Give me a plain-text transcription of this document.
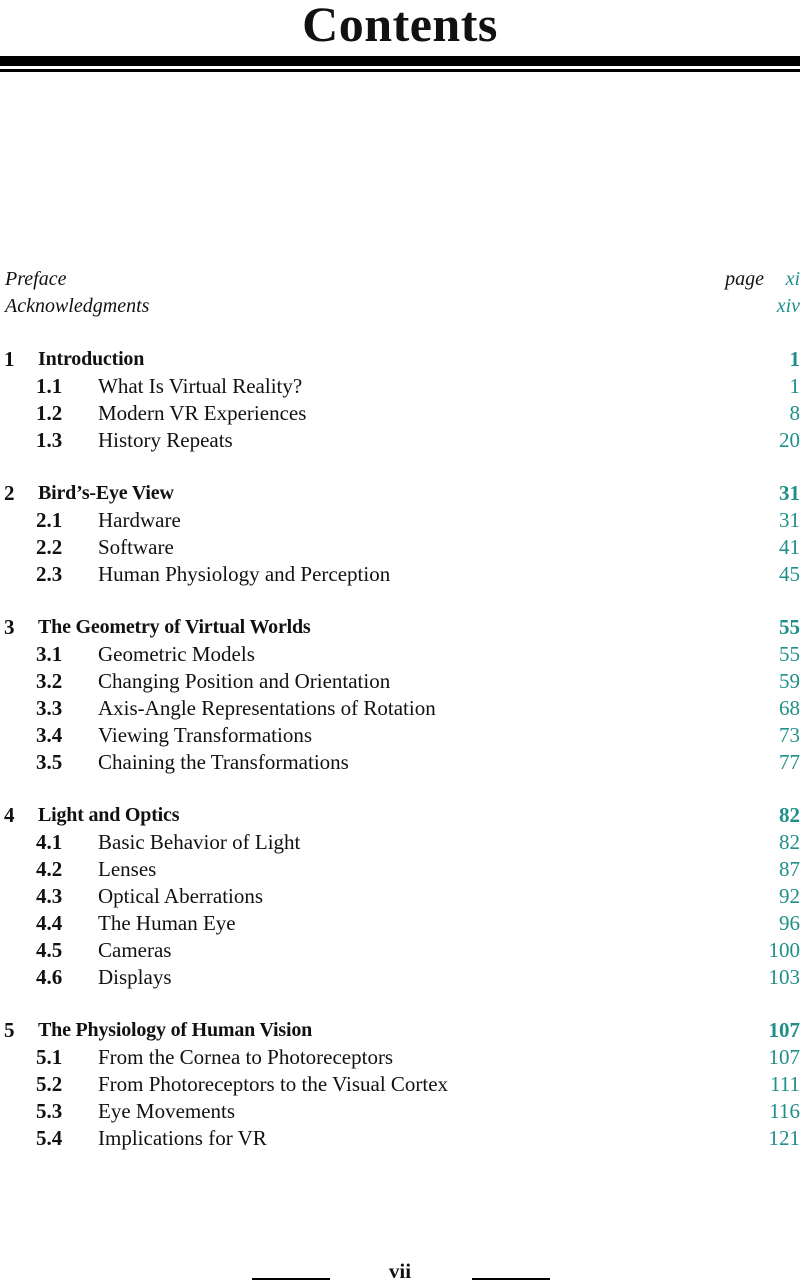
Contents
Preface	page xi
Acknowledgments	xiv
1 Introduction	1
1.1 What Is Virtual Reality?	1
1.2 Modern VR Experiences	8
1.3 History Repeats	20
2 Bird’s-Eye View	31
2.1 Hardware	31
2.2 Software	41
2.3 Human Physiology and Perception	45
3 The Geometry of Virtual Worlds	55
3.1 Geometric Models	55
3.2 Changing Position and Orientation	59
3.3 Axis-Angle Representations of Rotation	68
3.4 Viewing Transformations	73
3.5 Chaining the Transformations	77
4 Light and Optics	82
4.1 Basic Behavior of Light	82
4.2 Lenses	87
4.3 Optical Aberrations	92
4.4 The Human Eye	96
4.5 Cameras	100
4.6 Displays	103
5 The Physiology of Human Vision	107
5.1 From the Cornea to Photoreceptors	107
5.2 From Photoreceptors to the Visual Cortex	111
5.3 Eye Movements	116
5.4 Implications for VR	121
vii
